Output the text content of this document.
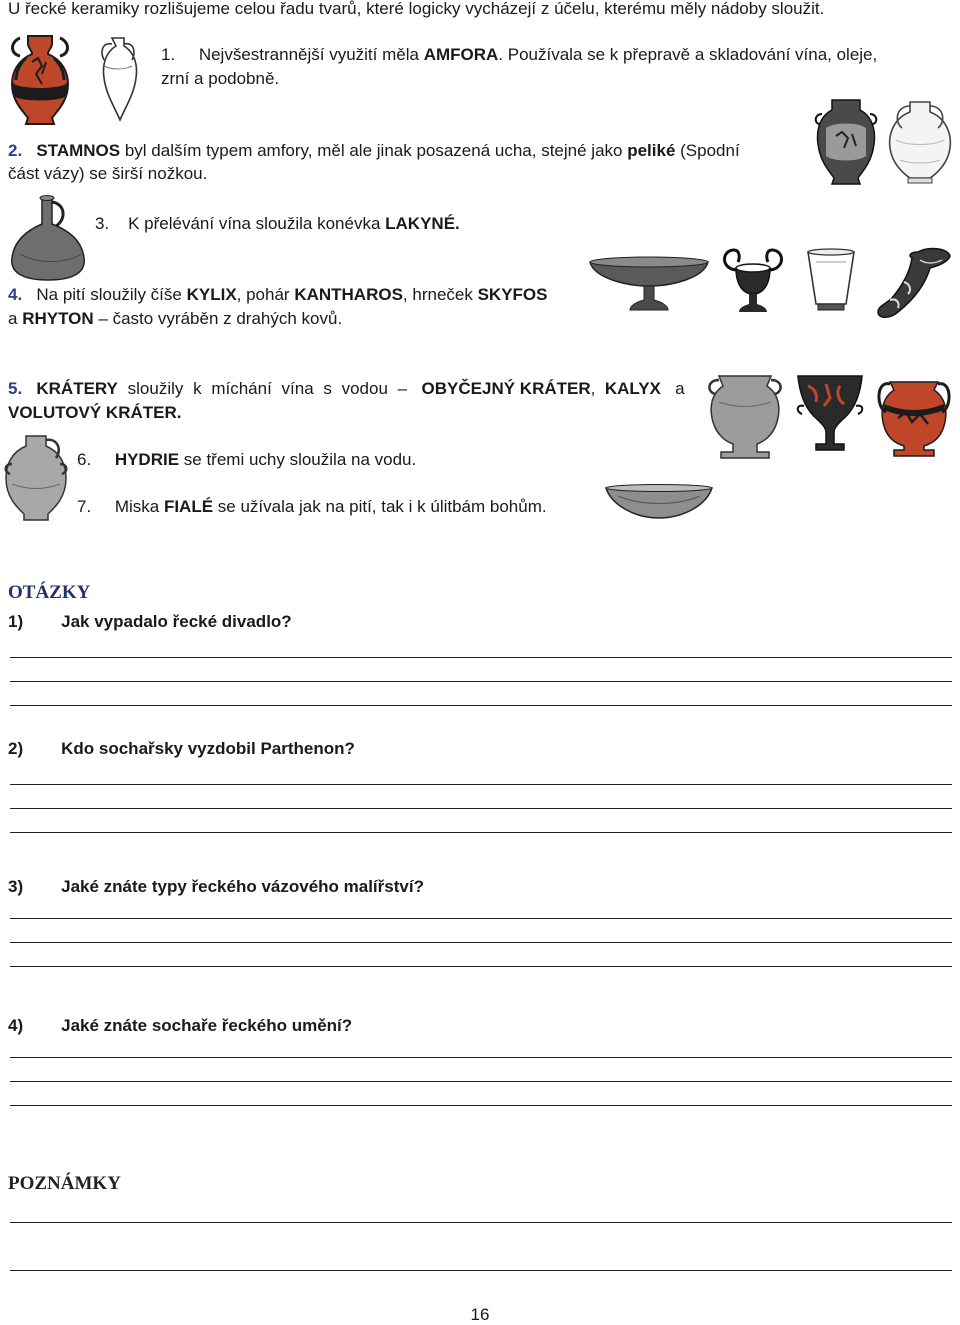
U řecké keramiky rozlišujeme celou řadu tvarů, které logicky vycházejí z účelu, kterému měly nádoby sloužit.
1. Nejvšestrannější využití měla AMFORA. Používala se k přepravě a skladování vína, oleje,
zrní a podobně.
2. STAMNOS byl dalším typem amfory, měl ale jinak posazená ucha, stejné jako peliké (Spodní
část vázy) se širší nožkou.
3. K přelévání vína sloužila konévka LAKYNÉ.
4. Na pití sloužily číše KYLIX, pohár KANTHAROS, hrneček SKYFOS
a RHYTON – často vyráběn z drahých kovů.
5. KRÁTERY sloužily k míchání vína s vodou –  OBYČEJNÝ KRÁTER,  KALYX   a
VOLUTOVÝ KRÁTER.
6. HYDRIE se třemi uchy sloužila na vodu.
7. Miska FIALÉ se užívala jak na pití, tak i k úlitbám bohům.
OTÁZKY
1) Jak vypadalo řecké divadlo?
2) Kdo sochařsky vyzdobil Parthenon?
3) Jaké znáte typy řeckého vázového malířství?
4) Jaké znáte sochaře řeckého umění?
POZNÁMKY
16
